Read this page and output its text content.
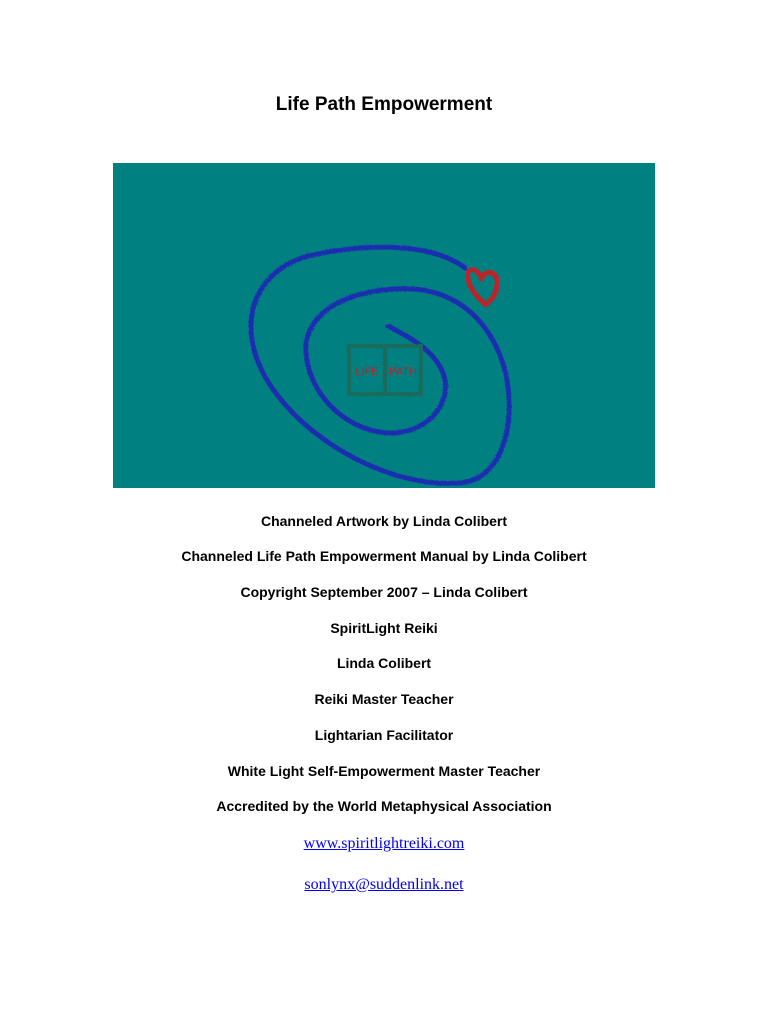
Life Path Empowerment
LIFE PATH
Channeled Artwork by Linda Colibert
Channeled Life Path Empowerment Manual by Linda Colibert
Copyright September 2007 – Linda Colibert
SpiritLight Reiki
Linda Colibert
Reiki Master Teacher
Lightarian Facilitator
White Light Self-Empowerment Master Teacher
Accredited by the World Metaphysical Association
www.spiritlightreiki.com
sonlynx@suddenlink.net
